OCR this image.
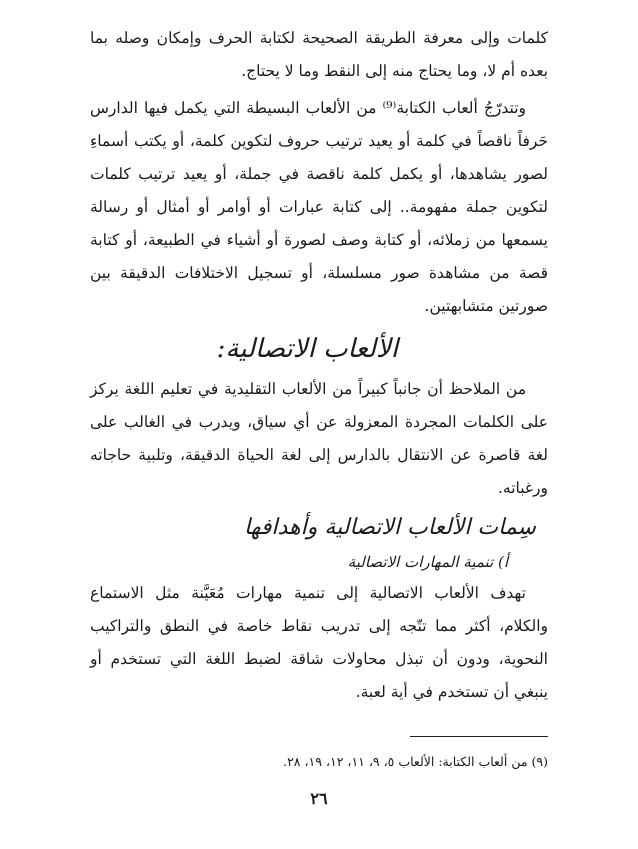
كلمات وإلى معرفة الطريقة الصحيحة لكتابة الحرف وإمكان وصله بما بعده أم لا، وما يحتاج منه إلى النقط وما لا يحتاج.

وتتدرّجُ ألعاب الكتابة⁽⁹⁾ من الألعاب البسيطة التي يكمل فيها الدارس حَرفاً ناقصاً في كلمة أو يعيد ترتيب حروف لتكوين كلمة، أو يكتب أسماءِ لصور يشاهدها، أو يكمل كلمة ناقصة في جملة، أو يعيد ترتيب كلمات لتكوين جملة مفهومة.. إلى كتابة عبارات أو أوامر أو أمثال أو رسالة يسمعها من زملائه، أو كتابة وصف لصورة أو أشياء في الطبيعة، أو كتابة قصة من مشاهدة صور مسلسلة، أو تسجيل الاختلافات الدقيقة بين صورتين متشابهتين.

الألعاب الاتصالية:

من الملاحظ أن جانباً كبيراً من الألعاب التقليدية في تعليم اللغة يركز على الكلمات المجردة المعزولة عن أي سياق، ويدرب في الغالب على لغة قاصرة عن الانتقال بالدارس إلى لغة الحياة الدقيقة، وتلبية حاجاته ورغباته.

سِمات الألعاب الاتصالية وأهدافها
أ) تنمية المهارات الاتصالية

تهدف الألعاب الاتصالية إلى تنمية مهارات مُعَيَّنة مثل الاستماع والكلام، أكثر مما تتّجه إلى تدريب نقاط خاصة في النطق والتراكيب النحوية، ودون أن تبذل محاولات شاقة لضبط اللغة التي تستخدم أو ينبغي أن تستخدم في أية لعبة.

(٩) من ألعاب الكتابة: الألعاب ٥، ٩، ١١، ١٢، ١٩، ٢٨.
٢٦
